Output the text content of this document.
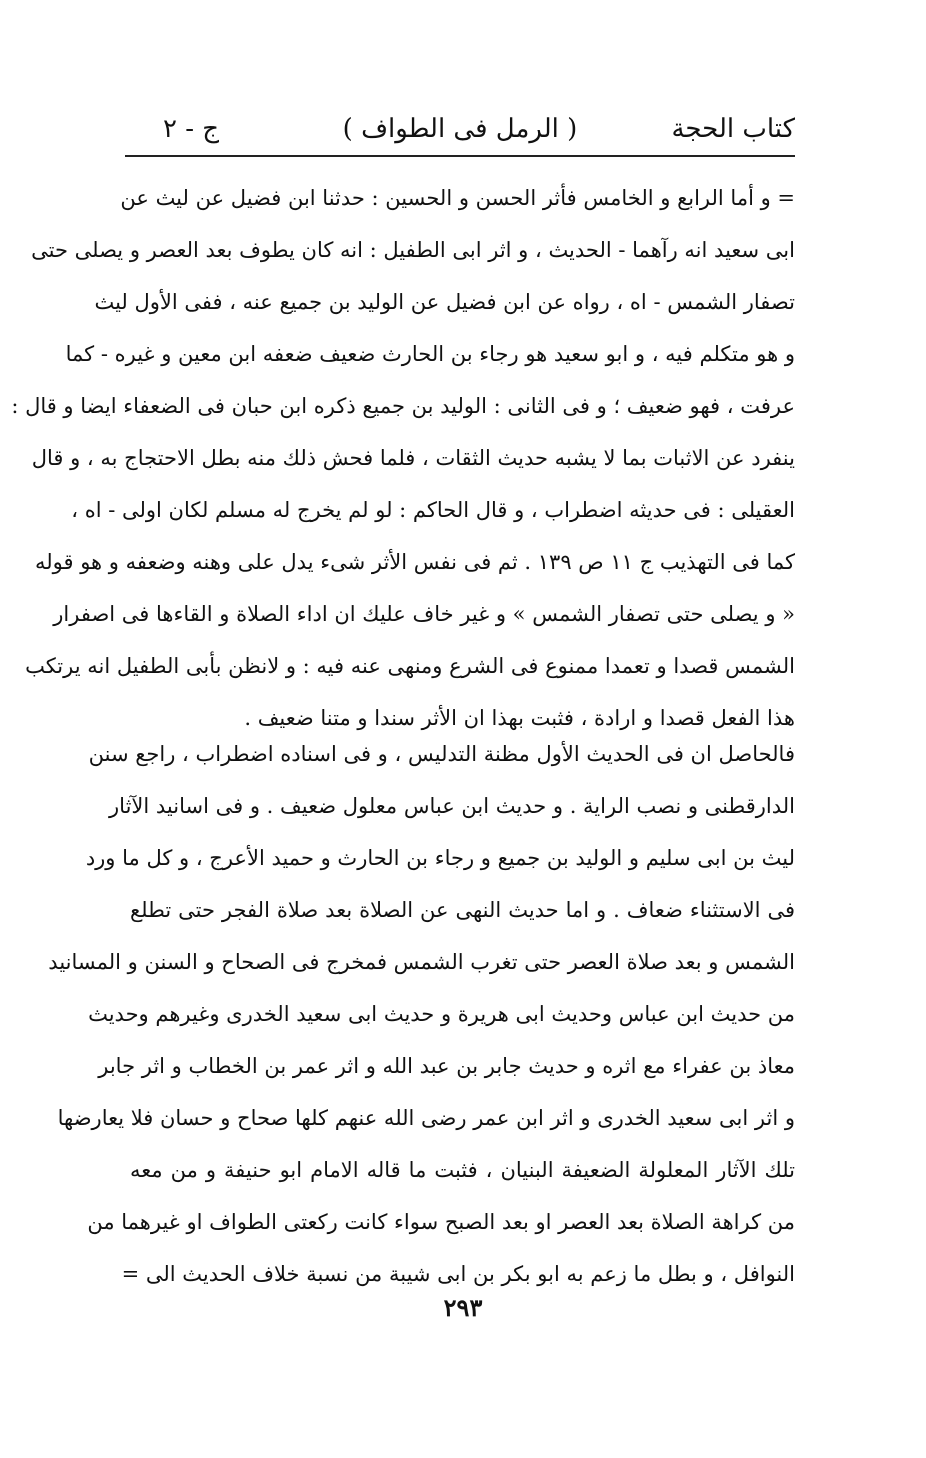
كتاب الحجة
( الرمل فى الطواف )
ج - ٢
= و أما الرابع و الخامس فأثر الحسن و الحسين : حدثنا ابن فضيل عن ليث عن
ابى سعيد انه رآهما - الحديث ، و اثر ابى الطفيل : انه كان يطوف بعد العصر و يصلى حتى
تصفار الشمس - اه ، رواه عن ابن فضيل عن الوليد بن جميع عنه ، ففى الأول ليث
و هو متكلم فيه ، و ابو سعيد هو رجاء بن الحارث ضعيف ضعفه ابن معين و غيره - كما
عرفت ، فهو ضعيف ؛ و فى الثانى : الوليد بن جميع ذكره ابن حبان فى الضعفاء ايضا و قال :
ينفرد عن الاثبات بما لا يشبه حديث الثقات ، فلما فحش ذلك منه بطل الاحتجاج به ، و قال
العقيلى : فى حديثه اضطراب ، و قال الحاكم : لو لم يخرج له مسلم لكان اولى - اه ،
كما فى التهذيب ج ١١ ص ١٣٩ . ثم فى نفس الأثر شىء يدل على وهنه وضعفه و هو قوله
« و يصلى حتى تصفار الشمس » و غير خاف عليك ان اداء الصلاة و القاءها فى اصفرار
الشمس قصدا و تعمدا ممنوع فى الشرع ومنهى عنه فيه : و لانظن بأبى الطفيل انه يرتكب
هذا الفعل قصدا و ارادة ، فثبت بهذا ان الأثر سندا و متنا ضعيف .
فالحاصل ان فى الحديث الأول مظنة التدليس ، و فى اسناده اضطراب ، راجع سنن
الدارقطنى و نصب الراية . و حديث ابن عباس معلول ضعيف . و فى اسانيد الآثار
ليث بن ابى سليم و الوليد بن جميع و رجاء بن الحارث و حميد الأعرج ، و كل ما ورد
فى الاستثناء ضعاف . و اما حديث النهى عن الصلاة بعد صلاة الفجر حتى تطلع
الشمس و بعد صلاة العصر حتى تغرب الشمس فمخرج فى الصحاح و السنن و المسانيد
من حديث ابن عباس وحديث ابى هريرة و حديث ابى سعيد الخدرى وغيرهم وحديث
معاذ بن عفراء مع اثره و حديث جابر بن عبد الله و اثر عمر بن الخطاب و اثر جابر
و اثر ابى سعيد الخدرى و اثر ابن عمر رضى الله عنهم كلها صحاح و حسان فلا يعارضها
تلك الآثار المعلولة الضعيفة البنيان ، فثبت ما قاله الامام ابو حنيفة و من معه
من كراهة الصلاة بعد العصر او بعد الصبح سواء كانت ركعتى الطواف او غيرهما من
النوافل ، و بطل ما زعم به ابو بكر بن ابى شيبة من نسبة خلاف الحديث الى =
٢٩٣
